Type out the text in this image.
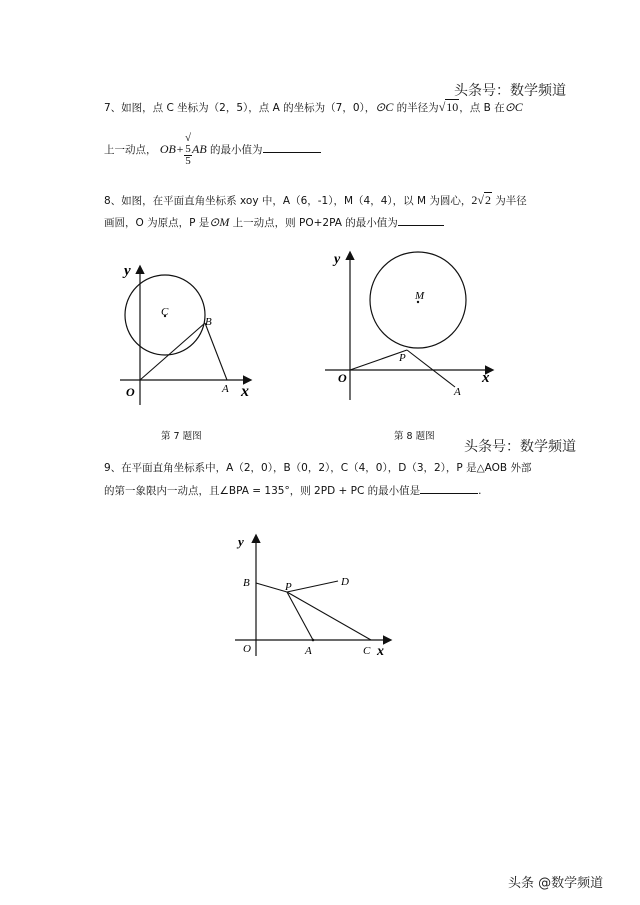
头条号：数学频道
7、如图，点 C 坐标为（2，5），点 A 的坐标为（7，0），⊙C 的半径为√10，点 B 在⊙C
上一动点， OB+ √
5
5 AB 的最小值为
8、如图，在平面直角坐标系 xoy 中，A（6，-1），M（4，4），以 M 为圆心，2√2 为半径
画圆，O 为原点，P 是⊙M 上一动点，则 PO+2PA 的最小值为
y
x
O
C
B
A
y
x
O
M
P
A
第 7 题图	第 8 题图
头条号：数学频道
9、在平面直角坐标系中，A（2，0），B（0，2），C（4，0），D（3，2），P 是△AOB 外部
的第一象限内一动点，且∠BPA = 135°，则 2PD + PC 的最小值是	.
y
x
O
B	P	D
A	C
头条 @数学频道
